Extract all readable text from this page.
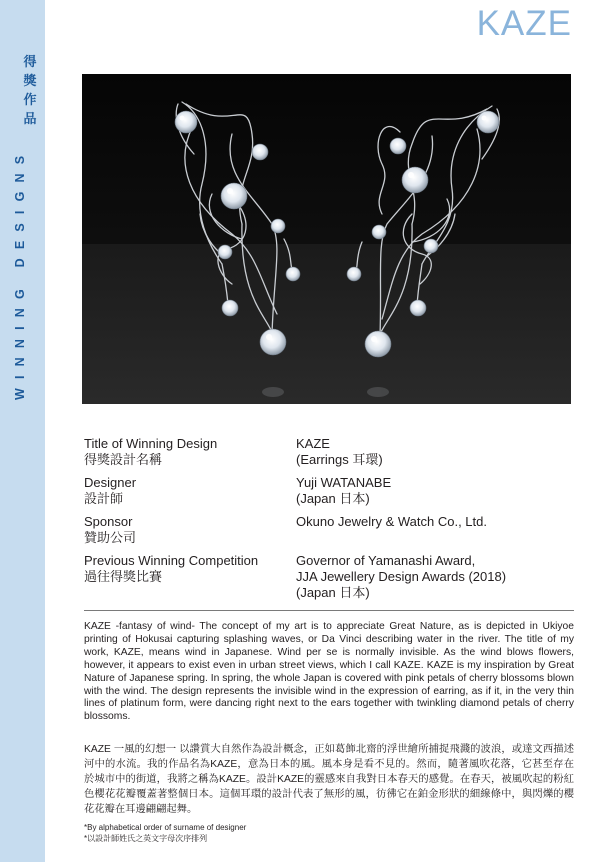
得
獎
作
品
WINNING DESIGNS
KAZE
Title of Winning Design
得獎設計名稱
KAZE
(Earrings 耳環)
Designer
設計師
Yuji WATANABE
(Japan 日本)
Sponsor
贊助公司
Okuno Jewelry & Watch Co., Ltd.
Previous Winning Competition
過往得獎比賽
Governor of Yamanashi Award,
JJA Jewellery Design Awards (2018)
(Japan 日本)
KAZE -fantasy of wind- The concept of my art is to appreciate Great Nature, as is depicted in Ukiyoe printing of Hokusai capturing splashing waves, or Da Vinci describing water in the river. The title of my work, KAZE, means wind in Japanese. Wind per se is normally invisible. As the wind blows flowers, however, it appears to exist even in urban street views, which I call KAZE. KAZE is my inspiration by Great Nature of Japanese spring. In spring, the whole Japan is covered with pink petals of cherry blossoms blown with the wind. The design represents the invisible wind in the expression of earring, as if it, in the very thin lines of platinum form, were dancing right next to the ears together with twinkling diamond petals of cherry blossoms.
KAZE 一風的幻想一 以讚賞大自然作為設計概念，正如葛飾北齋的浮世繪所捕捉飛濺的波浪，或達文西描述河中的水流。我的作品名為KAZE，意為日本的風。風本身是看不見的。然而，隨著風吹花落，它甚至存在於城市中的街道，我將之稱為KAZE。設計KAZE的靈感來自我對日本春天的感覺。在春天，被風吹起的粉紅色櫻花花瓣覆蓋著整個日本。這個耳環的設計代表了無形的風，彷彿它在鉑金形狀的細線條中，與閃爍的櫻花花瓣在耳邊翩翩起舞。
*By alphabetical order of surname of designer
*以設計師姓氏之英文字母次序排列
